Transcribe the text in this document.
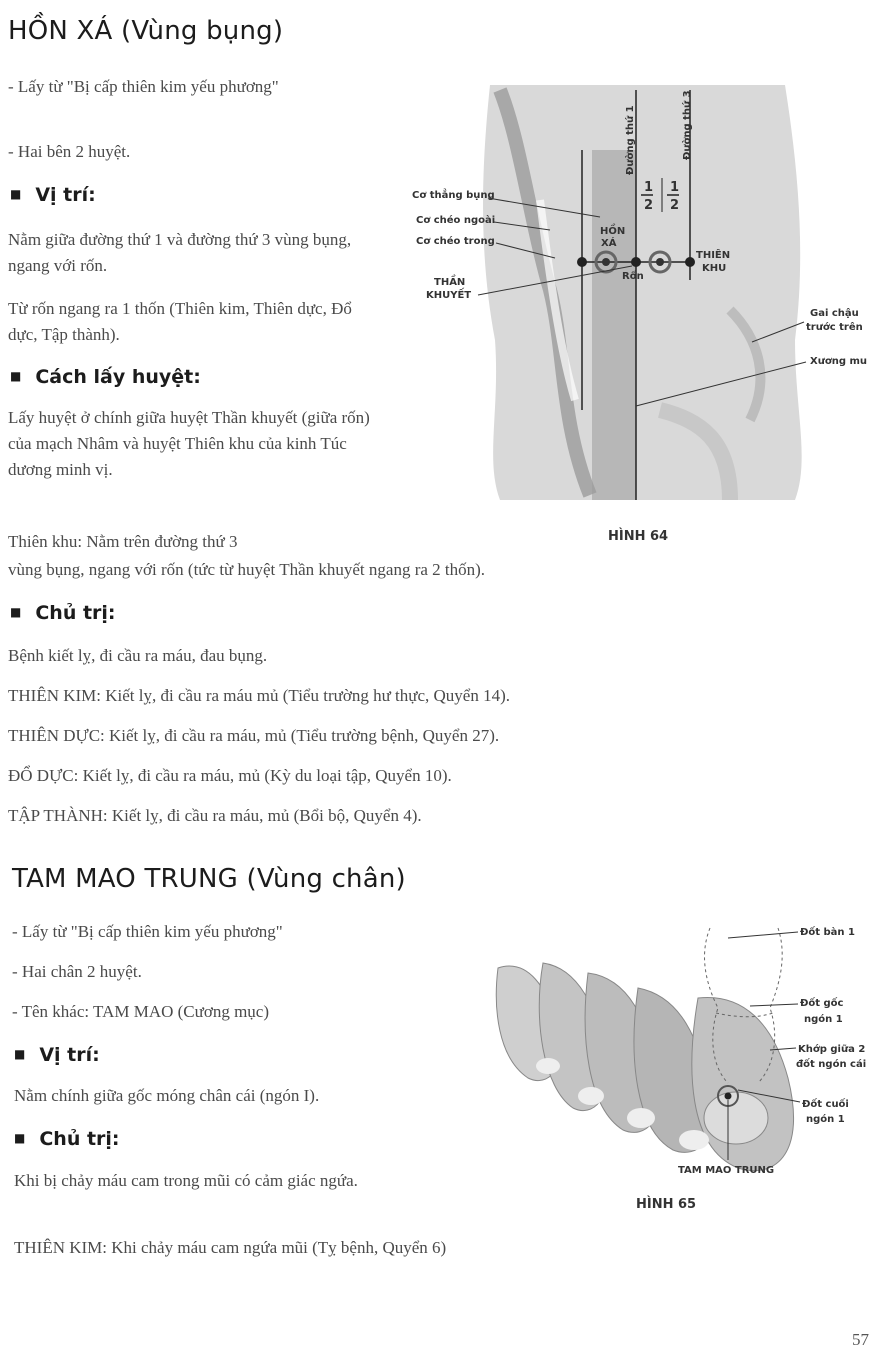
HỒN XÁ (Vùng bụng)
- Lấy từ "Bị cấp thiên kim yếu phương"
- Hai bên 2 huyệt.
■ Vị trí:
Nằm giữa đường thứ 1 và đường thứ 3 vùng bụng, ngang với rốn.
Từ rốn ngang ra 1 thốn (Thiên kim, Thiên dực, Đổ dực, Tập thành).
■ Cách lấy huyệt:
Lấy huyệt ở chính giữa huyệt Thần khuyết (giữa rốn) của mạch Nhâm và huyệt Thiên khu của kinh Túc dương minh vị.
Thiên khu: Nằm trên đường thứ 3
vùng bụng, ngang với rốn (tức từ huyệt Thần khuyết ngang ra 2 thốn).
■ Chủ trị:
Bệnh kiết lỵ, đi cầu ra máu, đau bụng.
THIÊN KIM: Kiết lỵ, đi cầu ra máu mủ (Tiểu trường hư thực, Quyển 14).
THIÊN DỰC: Kiết lỵ, đi cầu ra máu, mủ (Tiểu trường bệnh, Quyển 27).
ĐỔ DỰC: Kiết lỵ, đi cầu ra máu, mủ (Kỳ du loại tập, Quyển 10).
TẬP THÀNH: Kiết lỵ, đi cầu ra máu, mủ (Bổi bộ, Quyển 4).
Đường thứ 1	Đường thứ 3
1
2
1
2
Cơ thẳng bụng
Cơ chéo ngoài
Cơ chéo trong
THẦN
KHUYẾT
HỒN
XÁ
Rốn
THIÊN
KHU
Gai chậu
trước trên
Xương mu
HÌNH 64
TAM MAO TRUNG (Vùng chân)
- Lấy từ "Bị cấp thiên kim yếu phương"
- Hai chân 2 huyệt.
- Tên khác: TAM MAO (Cương mục)
■ Vị trí:
Nằm chính giữa gốc móng chân cái (ngón I).
■ Chủ trị:
Khi bị chảy máu cam trong mũi có cảm giác ngứa.
THIÊN KIM: Khi chảy máu cam ngứa mũi (Tỵ bệnh, Quyển 6)
Đốt bàn 1
Đốt gốc
ngón 1
Khớp giữa 2
đốt ngón cái
Đốt cuối
ngón 1
TAM MAO TRUNG
HÌNH 65
57
